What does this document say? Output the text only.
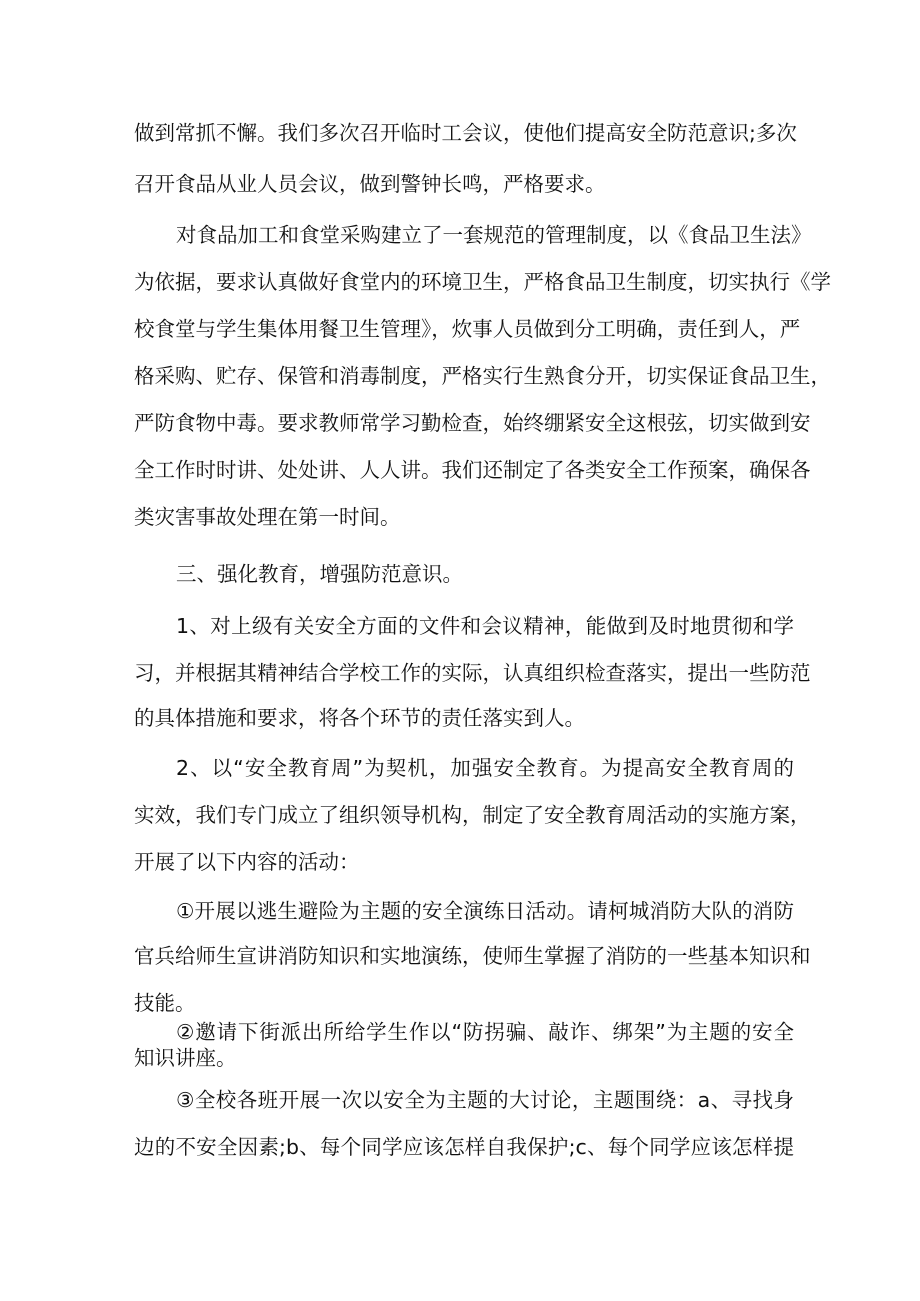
做到常抓不懈。我们多次召开临时工会议，使他们提高安全防范意识;多次
召开食品从业人员会议，做到警钟长鸣，严格要求。
对食品加工和食堂采购建立了一套规范的管理制度，以《食品卫生法》
为依据，要求认真做好食堂内的环境卫生，严格食品卫生制度，切实执行《学
校食堂与学生集体用餐卫生管理》，炊事人员做到分工明确，责任到人，严
格采购、贮存、保管和消毒制度，严格实行生熟食分开，切实保证食品卫生，
严防食物中毒。要求教师常学习勤检查，始终绷紧安全这根弦，切实做到安
全工作时时讲、处处讲、人人讲。我们还制定了各类安全工作预案，确保各
类灾害事故处理在第一时间。
三、强化教育，增强防范意识。
1、对上级有关安全方面的文件和会议精神，能做到及时地贯彻和学
习，并根据其精神结合学校工作的实际，认真组织检查落实，提出一些防范
的具体措施和要求，将各个环节的责任落实到人。
2、以“安全教育周”为契机，加强安全教育。为提高安全教育周的
实效，我们专门成立了组织领导机构，制定了安全教育周活动的实施方案，
开展了以下内容的活动：
①开展以逃生避险为主题的安全演练日活动。请柯城消防大队的消防
官兵给师生宣讲消防知识和实地演练，使师生掌握了消防的一些基本知识和
技能。
②邀请下街派出所给学生作以“防拐骗、敲诈、绑架”为主题的安全
知识讲座。
③全校各班开展一次以安全为主题的大讨论，主题围绕：a、寻找身
边的不安全因素;b、每个同学应该怎样自我保护;c、每个同学应该怎样提
